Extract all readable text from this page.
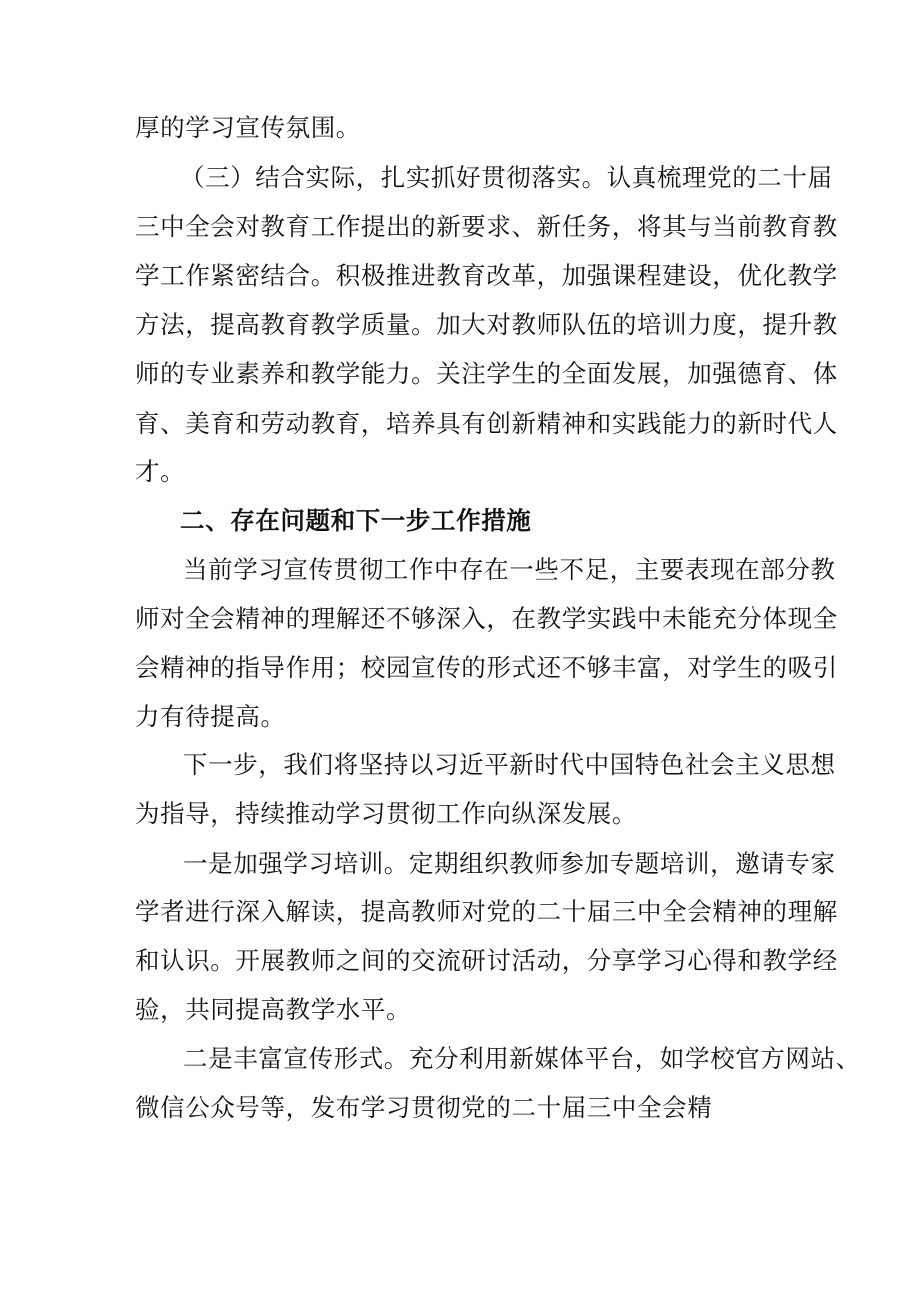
厚的学习宣传氛围。
（三）结合实际，扎实抓好贯彻落实。认真梳理党的二十届
三中全会对教育工作提出的新要求、新任务，将其与当前教育教
学工作紧密结合。积极推进教育改革，加强课程建设，优化教学
方法，提高教育教学质量。加大对教师队伍的培训力度，提升教
师的专业素养和教学能力。关注学生的全面发展，加强德育、体
育、美育和劳动教育，培养具有创新精神和实践能力的新时代人
才。
二、存在问题和下一步工作措施
当前学习宣传贯彻工作中存在一些不足，主要表现在部分教
师对全会精神的理解还不够深入，在教学实践中未能充分体现全
会精神的指导作用；校园宣传的形式还不够丰富，对学生的吸引
力有待提高。
下一步，我们将坚持以习近平新时代中国特色社会主义思想
为指导，持续推动学习贯彻工作向纵深发展。
一是加强学习培训。定期组织教师参加专题培训，邀请专家
学者进行深入解读，提高教师对党的二十届三中全会精神的理解
和认识。开展教师之间的交流研讨活动，分享学习心得和教学经
验，共同提高教学水平。
二是丰富宣传形式。充分利用新媒体平台，如学校官方网站、
微信公众号等，发布学习贯彻党的二十届三中全会精
